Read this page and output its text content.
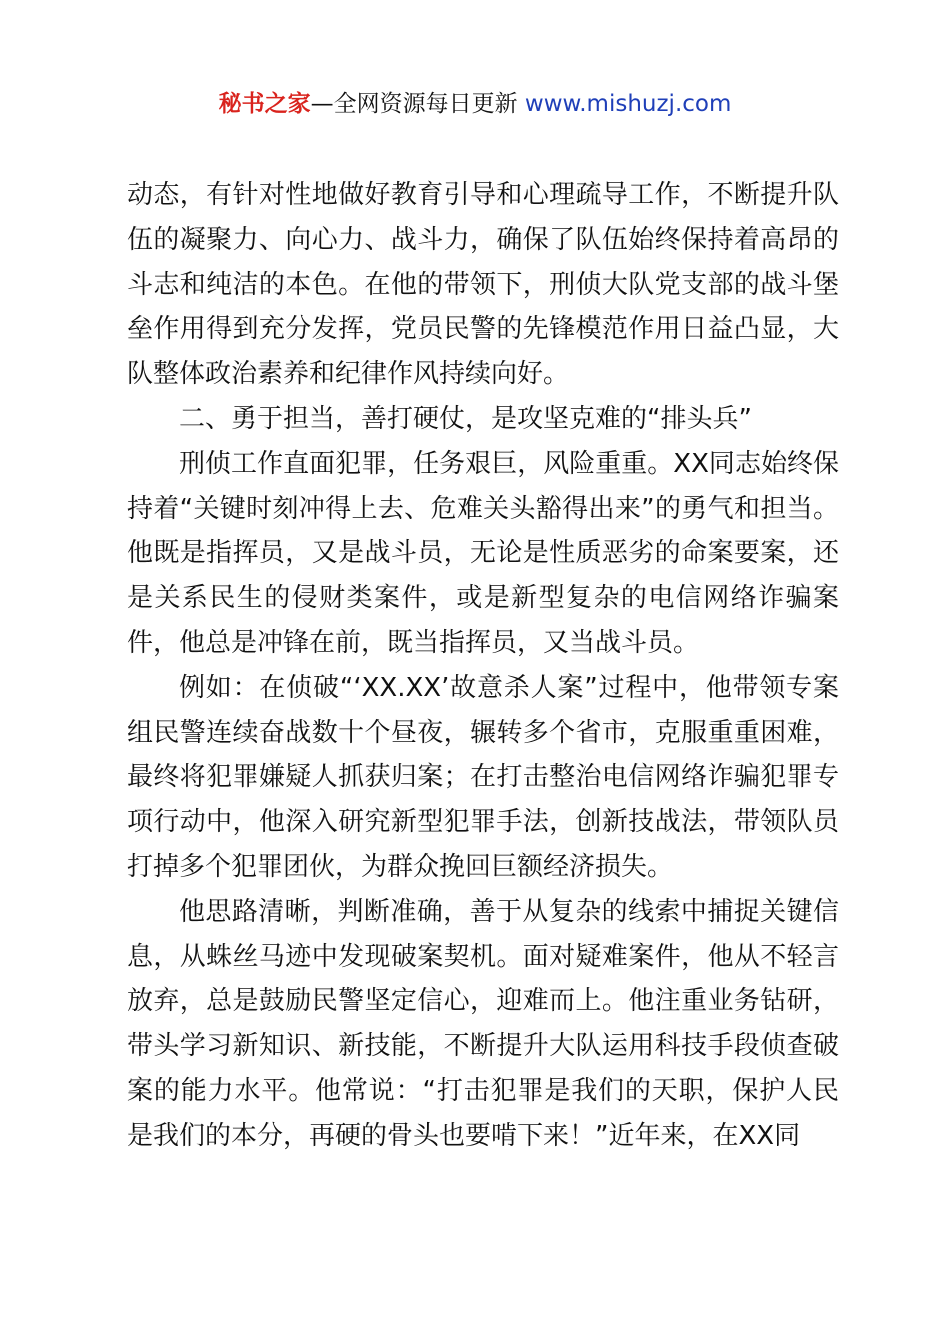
秘书之家—全网资源每日更新 www.mishuzj.com

动态，有针对性地做好教育引导和心理疏导工作，不断提升队伍的凝聚力、向心力、战斗力，确保了队伍始终保持着高昂的斗志和纯洁的本色。在他的带领下，刑侦大队党支部的战斗堡垒作用得到充分发挥，党员民警的先锋模范作用日益凸显，大队整体政治素养和纪律作风持续向好。

二、勇于担当，善打硬仗，是攻坚克难的“排头兵”

刑侦工作直面犯罪，任务艰巨，风险重重。XX同志始终保持着“关键时刻冲得上去、危难关头豁得出来”的勇气和担当。他既是指挥员，又是战斗员，无论是性质恶劣的命案要案，还是关系民生的侵财类案件，或是新型复杂的电信网络诈骗案件，他总是冲锋在前，既当指挥员，又当战斗员。

例如：在侦破“‘XX.XX’故意杀人案”过程中，他带领专案组民警连续奋战数十个昼夜，辗转多个省市，克服重重困难，最终将犯罪嫌疑人抓获归案；在打击整治电信网络诈骗犯罪专项行动中，他深入研究新型犯罪手法，创新技战法，带领队员打掉多个犯罪团伙，为群众挽回巨额经济损失。

他思路清晰，判断准确，善于从复杂的线索中捕捉关键信息，从蛛丝马迹中发现破案契机。面对疑难案件，他从不轻言放弃，总是鼓励民警坚定信心，迎难而上。他注重业务钻研，带头学习新知识、新技能，不断提升大队运用科技手段侦查破案的能力水平。他常说：“打击犯罪是我们的天职，保护人民是我们的本分，再硬的骨头也要啃下来！”近年来，在XX同
